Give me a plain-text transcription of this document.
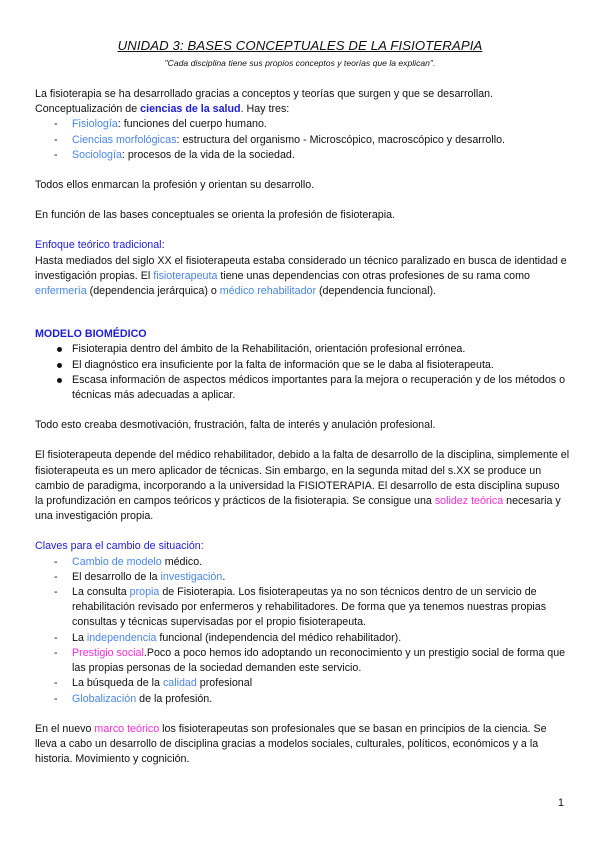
UNIDAD 3: BASES CONCEPTUALES DE LA FISIOTERAPIA
"Cada disciplina tiene sus propios conceptos y teorías que la explican".

La fisioterapia se ha desarrollado gracias a conceptos y teorías que surgen y que se desarrollan.
Conceptualización de ciencias de la salud. Hay tres:

- Fisiología: funciones del cuerpo humano.
- Ciencias morfológicas: estructura del organismo - Microscópico, macroscópico y desarrollo.
- Sociología: procesos de la vida de la sociedad.

Todos ellos enmarcan la profesión y orientan su desarrollo.

En función de las bases conceptuales se orienta la profesión de fisioterapia.

Enfoque teórico tradicional:
Hasta mediados del siglo XX el fisioterapeuta estaba considerado un técnico paralizado en busca de identidad e investigación propias. El fisioterapeuta tiene unas dependencias con otras profesiones de su rama como enfermería (dependencia jerárquica) o médico rehabilitador (dependencia funcional).

MODELO BIOMÉDICO

Fisioterapia dentro del ámbito de la Rehabilitación, orientación profesional errónea.
El diagnóstico era insuficiente por la falta de información que se le daba al fisioterapeuta.
Escasa información de aspectos médicos importantes para la mejora o recuperación y de los métodos o técnicas más adecuadas a aplicar.

Todo esto creaba desmotivación, frustración, falta de interés y anulación profesional.

El fisioterapeuta depende del médico rehabilitador, debido a la falta de desarrollo de la disciplina, simplemente el fisioterapeuta es un mero aplicador de técnicas. Sin embargo, en la segunda mitad del s.XX se produce un cambio de paradigma, incorporando a la universidad la FISIOTERAPIA. El desarrollo de esta disciplina supuso la profundización en campos teóricos y prácticos de la fisioterapia. Se consigue una solidez teórica necesaria y una investigación propia.

Claves para el cambio de situación:

- Cambio de modelo médico.
- El desarrollo de la investigación.
- La consulta propia de Fisioterapia. Los fisioterapeutas ya no son técnicos dentro de un servicio de rehabilitación revisado por enfermeros y rehabilitadores. De forma que ya tenemos nuestras propias consultas y técnicas supervisadas por el propio fisioterapeuta.
- La independencia funcional (independencia del médico rehabilitador).
- Prestigio social.Poco a poco hemos ido adoptando un reconocimiento y un prestigio social de forma que las propias personas de la sociedad demanden este servicio.
- La búsqueda de la calidad profesional
- Globalización de la profesión.

En el nuevo marco teórico los fisioterapeutas son profesionales que se basan en principios de la ciencia. Se lleva a cabo un desarrollo de disciplina gracias a modelos sociales, culturales, políticos, económicos y a la historia. Movimiento y cognición.

1
